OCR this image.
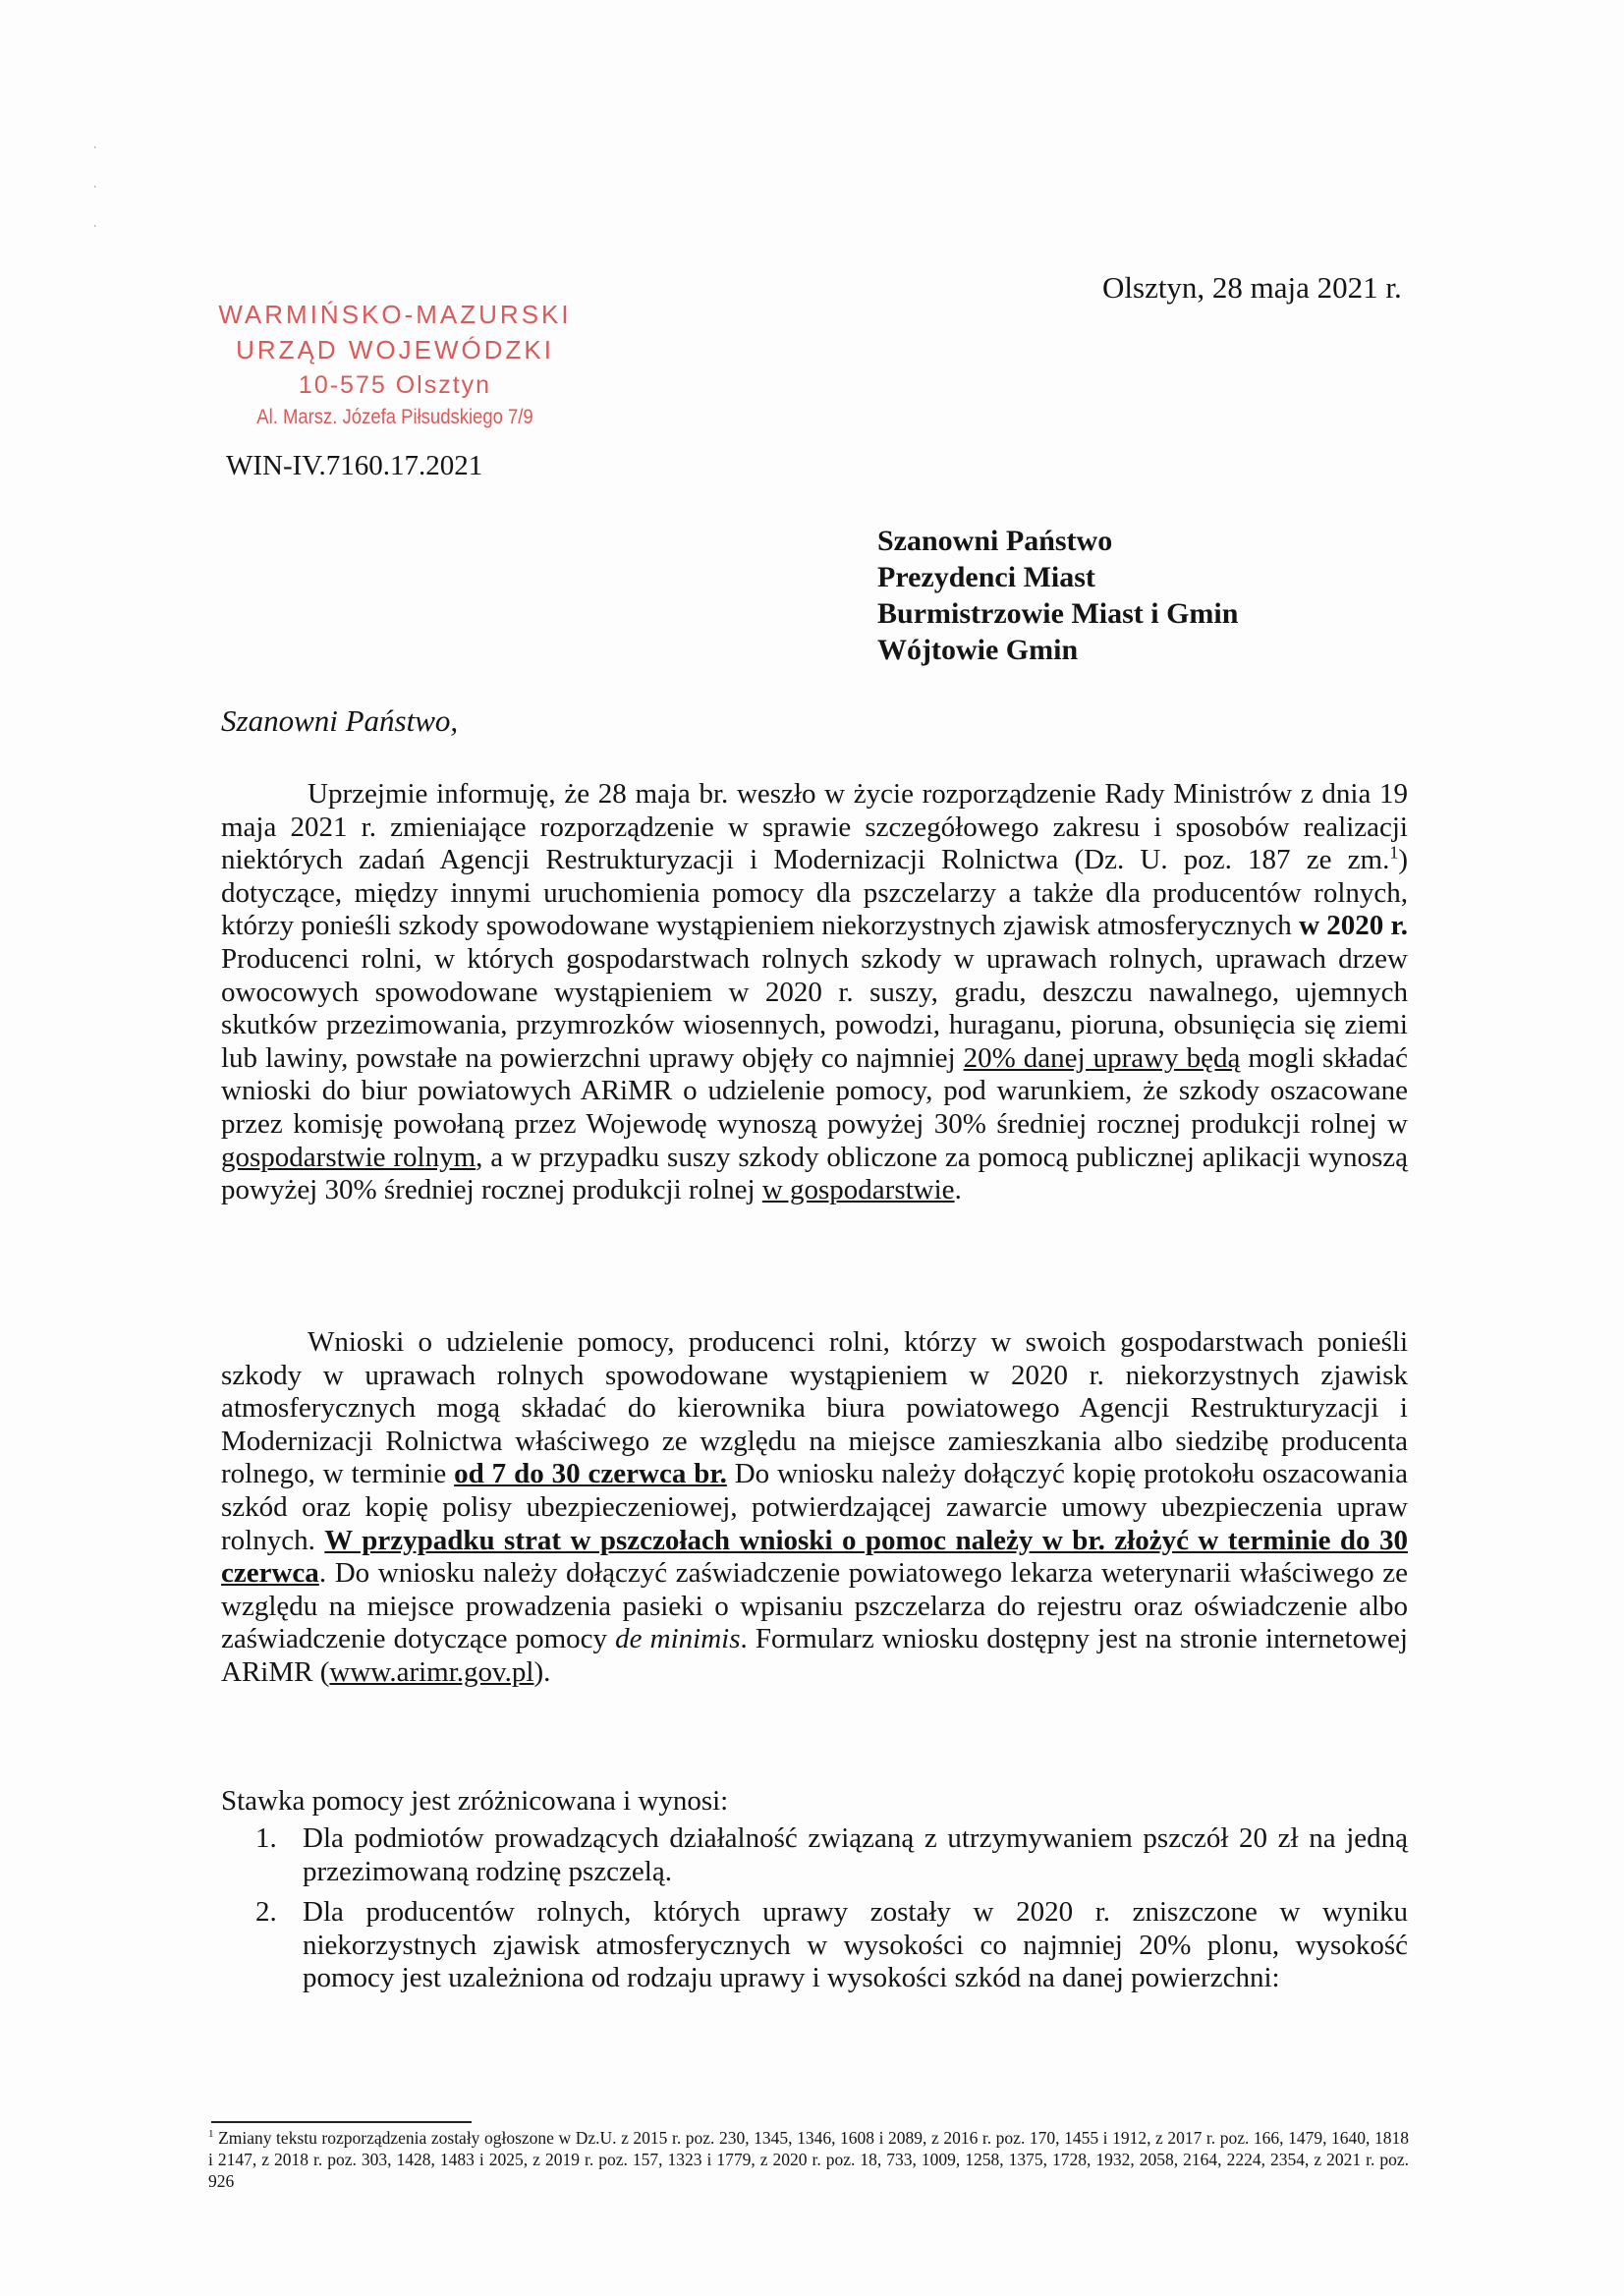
⸱
⸱
⸱
WARMIŃSKO-MAZURSKI
URZĄD WOJEWÓDZKI
10-575 Olsztyn
Al. Marsz. Józefa Piłsudskiego 7/9
Olsztyn, 28 maja 2021 r.
WIN-IV.7160.17.2021
Szanowni Państwo
Prezydenci Miast
Burmistrzowie Miast i Gmin
Wójtowie Gmin
Szanowni Państwo,

Uprzejmie informuję, że 28 maja br. weszło w życie rozporządzenie Rady Ministrów z dnia 19 maja 2021 r. zmieniające rozporządzenie w sprawie szczegółowego zakresu i sposobów realizacji niektórych zadań Agencji Restrukturyzacji i Modernizacji Rolnictwa (Dz. U. poz. 187 ze zm.$^1$) dotyczące, między innymi uruchomienia pomocy dla pszczelarzy a także dla producentów rolnych, którzy ponieśli szkody spowodowane wystąpieniem niekorzystnych zjawisk atmosferycznych w 2020 r. Producenci rolni, w których gospodarstwach rolnych szkody w uprawach rolnych, uprawach drzew owocowych spowodowane wystąpieniem w 2020 r. suszy, gradu, deszczu nawalnego, ujemnych skutków przezimowania, przymrozków wiosennych, powodzi, huraganu, pioruna, obsunięcia się ziemi lub lawiny, powstałe na powierzchni uprawy objęły co najmniej 20% danej uprawy będą mogli składać wnioski do biur powiatowych ARiMR o udzielenie pomocy, pod warunkiem, że szkody oszacowane przez komisję powołaną przez Wojewodę wynoszą powyżej 30% średniej rocznej produkcji rolnej w gospodarstwie rolnym, a w przypadku suszy szkody obliczone za pomocą publicznej aplikacji wynoszą powyżej 30% średniej rocznej produkcji rolnej w gospodarstwie.

Wnioski o udzielenie pomocy, producenci rolni, którzy w swoich gospodarstwach ponieśli szkody w uprawach rolnych spowodowane wystąpieniem w 2020 r. niekorzystnych zjawisk atmosferycznych mogą składać do kierownika biura powiatowego Agencji Restrukturyzacji i Modernizacji Rolnictwa właściwego ze względu na miejsce zamieszkania albo siedzibę producenta rolnego, w terminie od 7 do 30 czerwca br. Do wniosku należy dołączyć kopię protokołu oszacowania szkód oraz kopię polisy ubezpieczeniowej, potwierdzającej zawarcie umowy ubezpieczenia upraw rolnych. W przypadku strat w pszczołach wnioski o pomoc należy w br. złożyć w terminie do 30 czerwca. Do wniosku należy dołączyć zaświadczenie powiatowego lekarza weterynarii właściwego ze względu na miejsce prowadzenia pasieki o wpisaniu pszczelarza do rejestru oraz oświadczenie albo zaświadczenie dotyczące pomocy de minimis. Formularz wniosku dostępny jest na stronie internetowej ARiMR (www.arimr.gov.pl).

Stawka pomocy jest zróżnicowana i wynosi:
1. Dla podmiotów prowadzących działalność związaną z utrzymywaniem pszczół 20 zł na jedną przezimowaną rodzinę pszczelą.
2. Dla producentów rolnych, których uprawy zostały w 2020 r. zniszczone w wyniku niekorzystnych zjawisk atmosferycznych w wysokości co najmniej 20% plonu, wysokość pomocy jest uzależniona od rodzaju uprawy i wysokości szkód na danej powierzchni:

$^1$ Zmiany tekstu rozporządzenia zostały ogłoszone w Dz.U. z 2015 r. poz. 230, 1345, 1346, 1608 i 2089, z 2016 r. poz. 170, 1455 i 1912, z 2017 r. poz. 166, 1479, 1640, 1818 i 2147, z 2018 r. poz. 303, 1428, 1483 i 2025, z 2019 r. poz. 157, 1323 i 1779, z 2020 r. poz. 18, 733, 1009, 1258, 1375, 1728, 1932, 2058, 2164, 2224, 2354, z 2021 r. poz. 926
